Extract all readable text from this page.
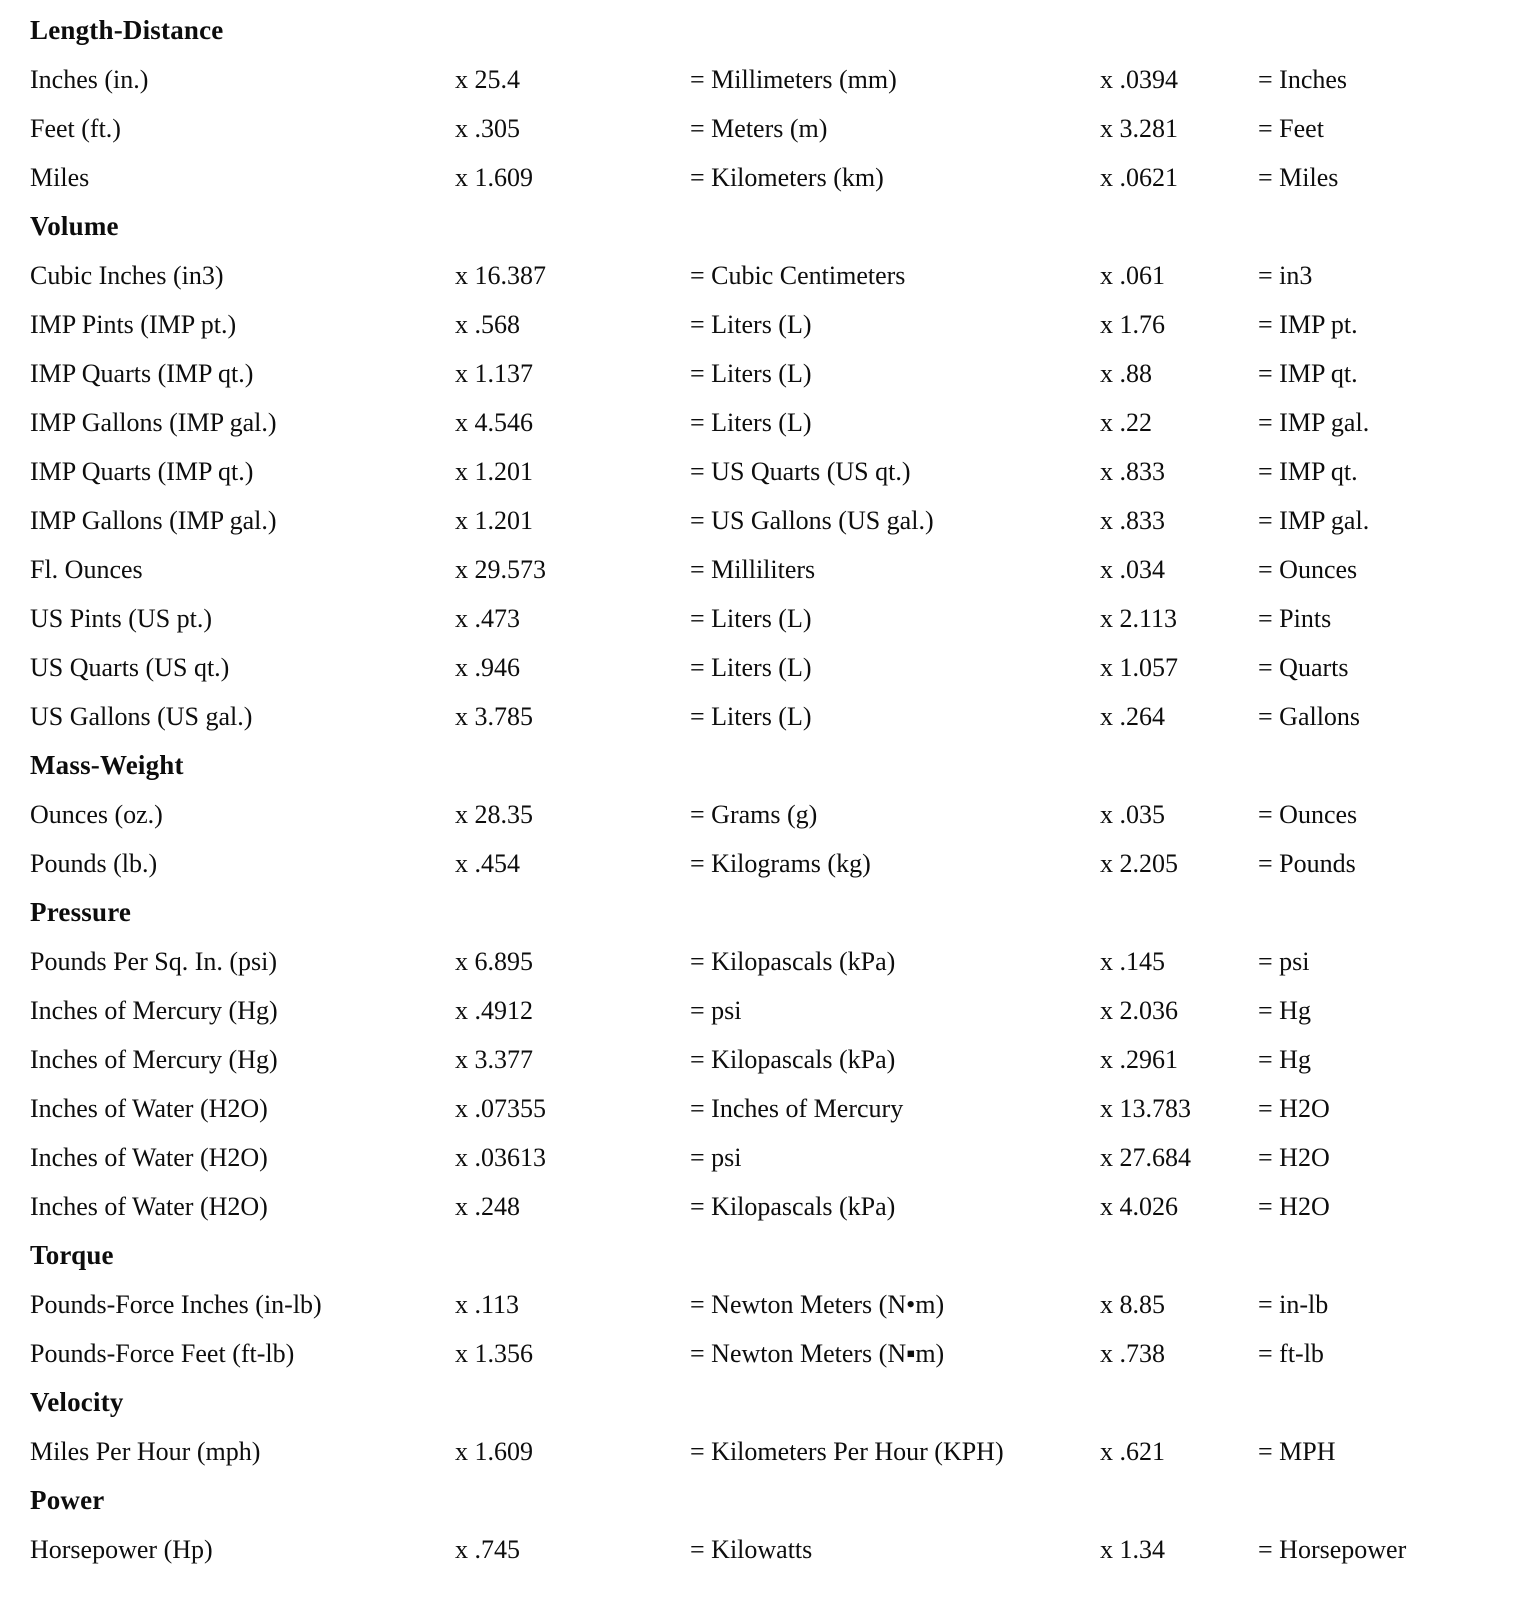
Length-Distance
Inches (in.)	x 25.4	= Millimeters (mm)	x .0394	= Inches
Feet (ft.)	x .305	= Meters (m)	x 3.281	= Feet
Miles	x 1.609	= Kilometers (km)	x .0621	= Miles
Volume
Cubic Inches (in3)	x 16.387	= Cubic Centimeters	x .061	= in3
IMP Pints (IMP pt.)	x .568	= Liters (L)	x 1.76	= IMP pt.
IMP Quarts (IMP qt.)	x 1.137	= Liters (L)	x .88	= IMP qt.
IMP Gallons (IMP gal.)	x 4.546	= Liters (L)	x .22	= IMP gal.
IMP Quarts (IMP qt.)	x 1.201	= US Quarts (US qt.)	x .833	= IMP qt.
IMP Gallons (IMP gal.)	x 1.201	= US Gallons (US gal.)	x .833	= IMP gal.
Fl. Ounces	x 29.573	= Milliliters	x .034	= Ounces
US Pints (US pt.)	x .473	= Liters (L)	x 2.113	= Pints
US Quarts (US qt.)	x .946	= Liters (L)	x 1.057	= Quarts
US Gallons (US gal.)	x 3.785	= Liters (L)	x .264	= Gallons
Mass-Weight
Ounces (oz.)	x 28.35	= Grams (g)	x .035	= Ounces
Pounds (lb.)	x .454	= Kilograms (kg)	x 2.205	= Pounds
Pressure
Pounds Per Sq. In. (psi)	x 6.895	= Kilopascals (kPa)	x .145	= psi
Inches of Mercury (Hg)	x .4912	= psi	x 2.036	= Hg
Inches of Mercury (Hg)	x 3.377	= Kilopascals (kPa)	x .2961	= Hg
Inches of Water (H2O)	x .07355	= Inches of Mercury	x 13.783	= H2O
Inches of Water (H2O)	x .03613	= psi	x 27.684	= H2O
Inches of Water (H2O)	x .248	= Kilopascals (kPa)	x 4.026	= H2O
Torque
Pounds-Force Inches (in-lb)	x .113	= Newton Meters (N•m)	x 8.85	= in-lb
Pounds-Force Feet (ft-lb)	x 1.356	= Newton Meters (N▪m)	x .738	= ft-lb
Velocity
Miles Per Hour (mph)	x 1.609	= Kilometers Per Hour (KPH)	x .621	= MPH
Power
Horsepower (Hp)	x .745	= Kilowatts	x 1.34	= Horsepower
